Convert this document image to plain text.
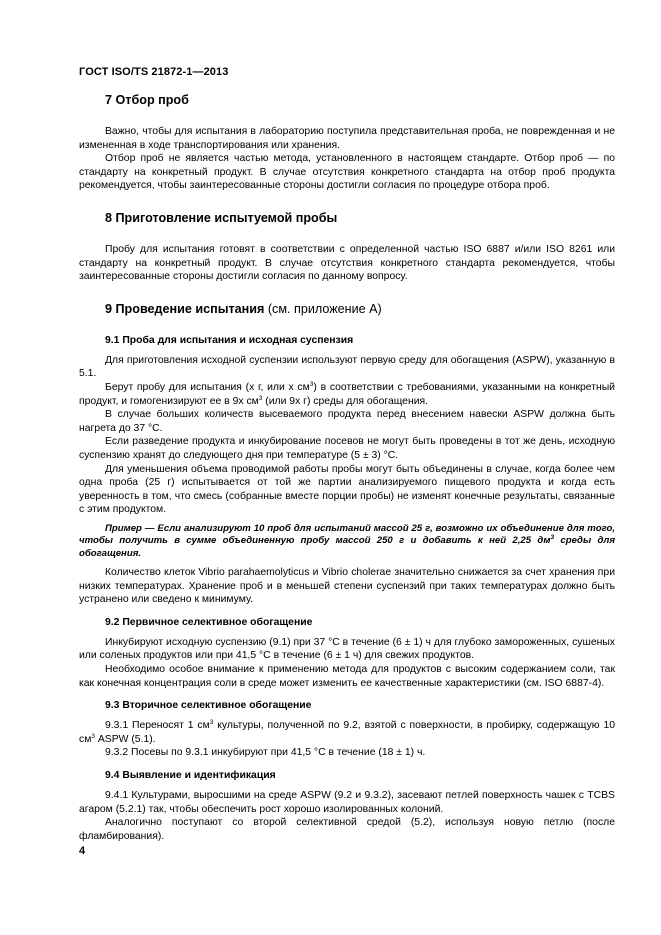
ГОСТ ISO/TS 21872-1—2013
7 Отбор проб

Важно, чтобы для испытания в лабораторию поступила представительная проба, не поврежденная и не измененная в ходе транспортирования или хранения.

Отбор проб не является частью метода, установленного в настоящем стандарте. Отбор проб — по стандарту на конкретный продукт. В случае отсутствия конкретного стандарта на отбор проб продукта рекомендуется, чтобы заинтересованные стороны достигли согласия по процедуре отбора проб.

8 Приготовление испытуемой пробы

Пробу для испытания готовят в соответствии с определенной частью ISO 6887 и/или ISO 8261 или стандарту на конкретный продукт. В случае отсутствия конкретного стандарта рекомендуется, чтобы заинтересованные стороны достигли согласия по данному вопросу.

9 Проведение испытания (см. приложение А)
9.1 Проба для испытания и исходная суспензия

Для приготовления исходной суспензии используют первую среду для обогащения (ASPW), указанную в 5.1.

Берут пробу для испытания (x г, или x $см^3$) в соответствии с требованиями, указанными на конкретный продукт, и гомогенизируют ее в 9x $см^3$ (или 9x г) среды для обогащения.

В случае больших количеств высеваемого продукта перед внесением навески ASPW должна быть нагрета до 37 °С.

Если разведение продукта и инкубирование посевов не могут быть проведены в тот же день, исходную суспензию хранят до следующего дня при температуре (5 ± 3) °С.

Для уменьшения объема проводимой работы пробы могут быть объединены в случае, когда более чем одна проба (25 г) испытывается от той же партии анализируемого пищевого продукта и когда есть уверенность в том, что смесь (собранные вместе порции пробы) не изменят конечные результаты, связанные с этим продуктом.

Пример — Если анализируют 10 проб для испытаний массой 25 г, возможно их объединение для того, чтобы получить в сумме объединенную пробу массой 250 г и добавить к ней 2,25 $дм^3$ среды для обогащения.

Количество клеток Vibrio parahaemolyticus и Vibrio cholerae значительно снижается за счет хранения при низких температурах. Хранение проб и в меньшей степени суспензий при таких температурах должно быть устранено или сведено к минимуму.

9.2 Первичное селективное обогащение

Инкубируют исходную суспензию (9.1) при 37 °С в течение (6 ± 1) ч для глубоко замороженных, сушеных или соленых продуктов или при 41,5 °С в течение (6 ± 1 ч) для свежих продуктов.

Необходимо особое внимание к применению метода для продуктов с высоким содержанием соли, так как конечная концентрация соли в среде может изменить ее качественные характеристики (см. ISO 6887-4).

9.3 Вторичное селективное обогащение

9.3.1 Переносят 1 $см^3$ культуры, полученной по 9.2, взятой с поверхности, в пробирку, содержащую 10 $см^3$ ASPW (5.1).

9.3.2 Посевы по 9.3.1 инкубируют при 41,5 °С в течение (18 ± 1) ч.

9.4 Выявление и идентификация

9.4.1 Культурами, выросшими на среде ASPW (9.2 и 9.3.2), засевают петлей поверхность чашек с TCBS агаром (5.2.1) так, чтобы обеспечить рост хорошо изолированных колоний.

Аналогично поступают со второй селективной средой (5.2), используя новую петлю (после фламбирования).

4
